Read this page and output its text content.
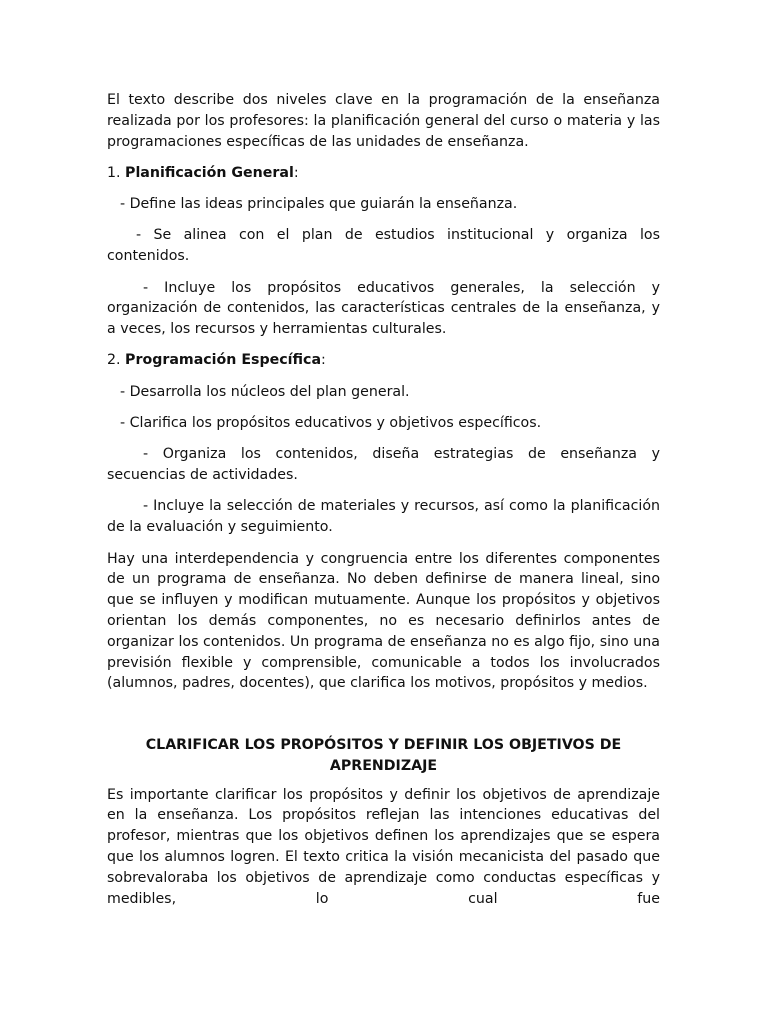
El texto describe dos niveles clave en la programación de la enseñanza realizada por los profesores: la planificación general del curso o materia y las programaciones específicas de las unidades de enseñanza.

1. Planificación General:

- Define las ideas principales que guiarán la enseñanza.

- Se alinea con el plan de estudios institucional y organiza los contenidos.

- Incluye los propósitos educativos generales, la selección y organización de contenidos, las características centrales de la enseñanza, y a veces, los recursos y herramientas culturales.

2. Programación Específica:

- Desarrolla los núcleos del plan general.

- Clarifica los propósitos educativos y objetivos específicos.

- Organiza los contenidos, diseña estrategias de enseñanza y secuencias de actividades.

- Incluye la selección de materiales y recursos, así como la planificación de la evaluación y seguimiento.

Hay una interdependencia y congruencia entre los diferentes componentes de un programa de enseñanza. No deben definirse de manera lineal, sino que se influyen y modifican mutuamente. Aunque los propósitos y objetivos orientan los demás componentes, no es necesario definirlos antes de organizar los contenidos. Un programa de enseñanza no es algo fijo, sino una previsión flexible y comprensible, comunicable a todos los involucrados (alumnos, padres, docentes), que clarifica los motivos, propósitos y medios.

CLARIFICAR LOS PROPÓSITOS Y DEFINIR LOS OBJETIVOS DE APRENDIZAJE

Es importante clarificar los propósitos y definir los objetivos de aprendizaje en la enseñanza. Los propósitos reflejan las intenciones educativas del profesor, mientras que los objetivos definen los aprendizajes que se espera que los alumnos logren. El texto critica la visión mecanicista del pasado que sobrevaloraba los objetivos de aprendizaje como conductas específicas y medibles, lo cual fue
